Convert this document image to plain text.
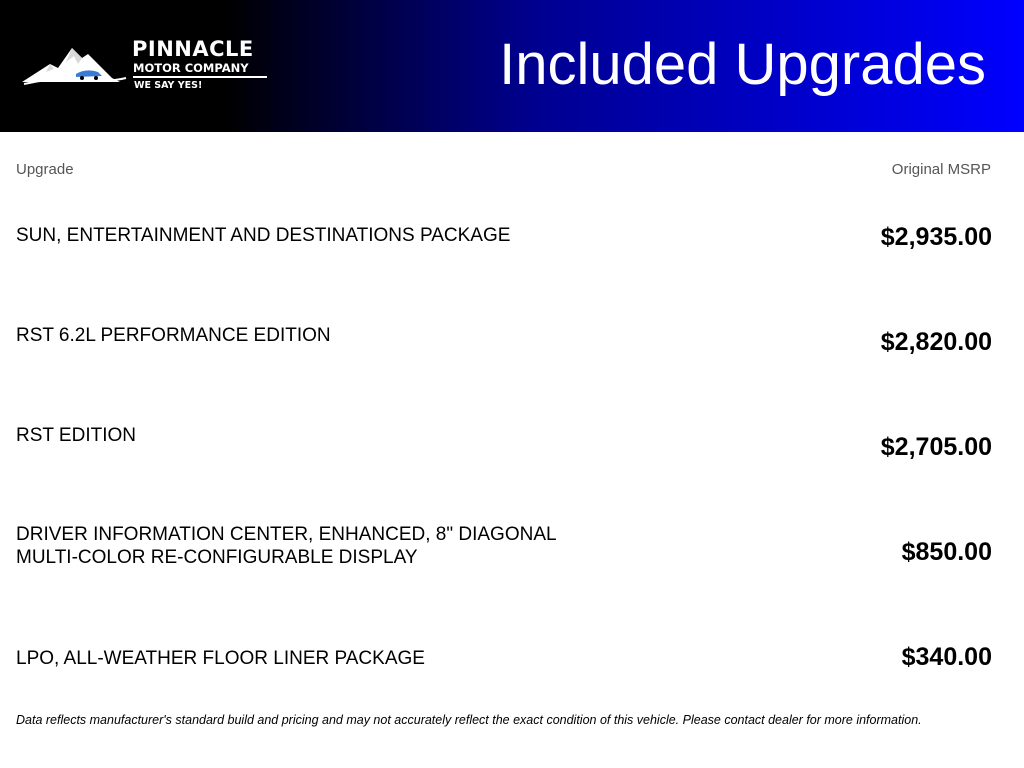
PINNACLE
MOTOR COMPANY
WE SAY YES!	Included Upgrades
Upgrade	Original MSRP
SUN, ENTERTAINMENT AND DESTINATIONS PACKAGE	$2,935.00
RST 6.2L PERFORMANCE EDITION	$2,820.00
RST EDITION	$2,705.00
DRIVER INFORMATION CENTER, ENHANCED, 8" DIAGONAL MULTI-COLOR RE-CONFIGURABLE DISPLAY	$850.00
LPO, ALL-WEATHER FLOOR LINER PACKAGE	$340.00
Data reflects manufacturer's standard build and pricing and may not accurately reflect the exact condition of this vehicle. Please contact dealer for more information.
